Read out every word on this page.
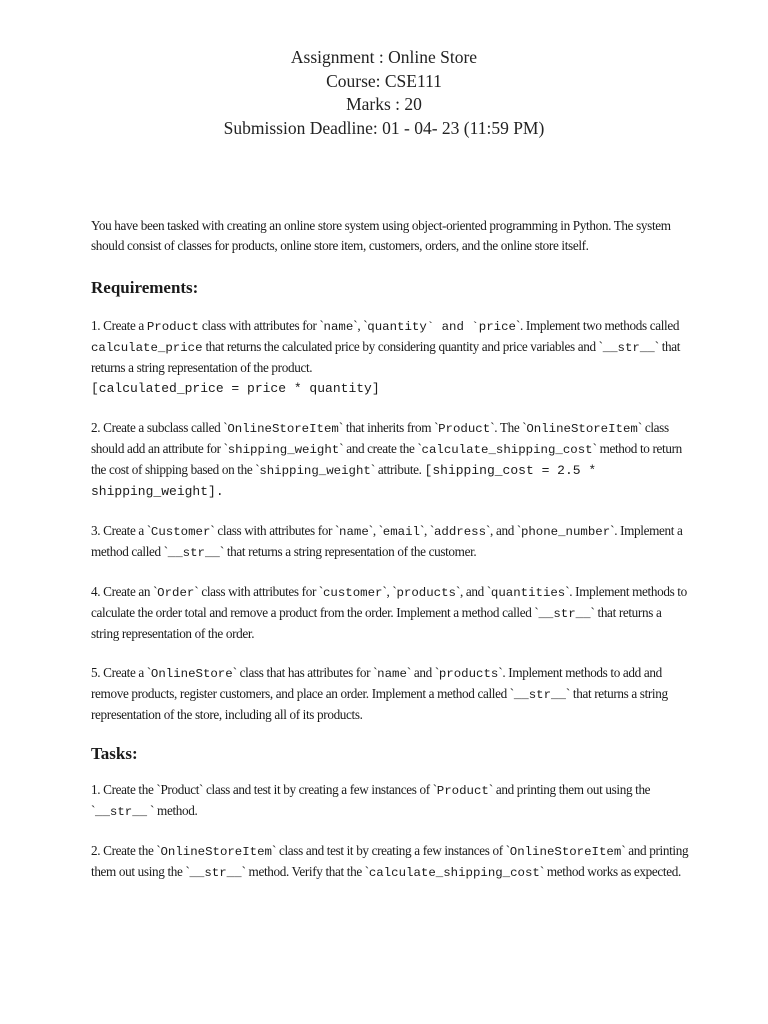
Assignment : Online Store
Course: CSE111
Marks : 20
Submission Deadline: 01 - 04- 23 (11:59 PM)

You have been tasked with creating an online store system using object-oriented programming in Python. The system should consist of classes for products, online store item, customers, orders, and the online store itself.

Requirements:

1. Create a Product class with attributes for `name`, `quantity` and `price`. Implement two methods called calculate_price that returns the calculated price by considering quantity and price variables and `__str__` that returns a string representation of the product.
[calculated_price = price * quantity]

2. Create a subclass called `OnlineStoreItem` that inherits from `Product`. The `OnlineStoreItem` class should add an attribute for `shipping_weight` and create the `calculate_shipping_cost` method to return the cost of shipping based on the `shipping_weight` attribute. [shipping_cost = 2.5 * shipping_weight].

3. Create a `Customer` class with attributes for `name`, `email`, `address`, and `phone_number`. Implement a method called `__str__` that returns a string representation of the customer.

4. Create an `Order` class with attributes for `customer`, `products`, and `quantities`. Implement methods to calculate the order total and remove a product from the order. Implement a method called `__str__` that returns a string representation of the order.

5. Create a `OnlineStore` class that has attributes for `name` and `products`. Implement methods to add and remove products, register customers, and place an order. Implement a method called `__str__` that returns a string representation of the store, including all of its products.

Tasks:

1. Create the `Product` class and test it by creating a few instances of `Product` and printing them out using the `__str__ ` method.

2. Create the `OnlineStoreItem` class and test it by creating a few instances of `OnlineStoreItem` and printing them out using the `__str__` method. Verify that the `calculate_shipping_cost` method works as expected.
